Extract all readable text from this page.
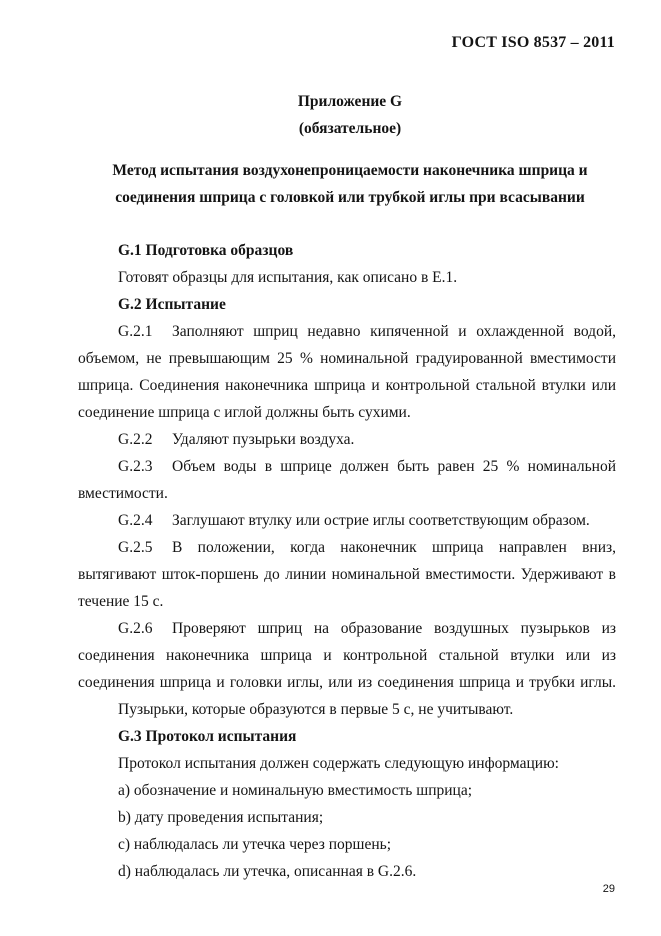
ГОСТ ISO 8537 – 2011
Приложение G
(обязательное)
Метод испытания воздухонепроницаемости наконечника шприца и
соединения шприца с головкой или трубкой иглы при всасывании
G.1 Подготовка образцов
Готовят образцы для испытания, как описано в Е.1.
G.2 Испытание
G.2.1 Заполняют шприц недавно кипяченной и охлажденной водой,
объемом, не превышающим 25 % номинальной градуированной вместимости
шприца. Соединения наконечника шприца и контрольной стальной втулки или
соединение шприца с иглой должны быть сухими.
G.2.2 Удаляют пузырьки воздуха.
G.2.3 Объем воды в шприце должен быть равен 25 % номинальной
вместимости.
G.2.4 Заглушают втулку или острие иглы соответствующим образом.
G.2.5 В положении, когда наконечник шприца направлен вниз,
вытягивают шток-поршень до линии номинальной вместимости. Удерживают в
течение 15 с.
G.2.6 Проверяют шприц на образование воздушных пузырьков из
соединения наконечника шприца и контрольной стальной втулки или из
соединения шприца и головки иглы, или из соединения шприца и трубки иглы.
Пузырьки, которые образуются в первые 5 с, не учитывают.
G.3 Протокол испытания
Протокол испытания должен содержать следующую информацию:
a) обозначение и номинальную вместимость шприца;
b) дату проведения испытания;
c) наблюдалась ли утечка через поршень;
d) наблюдалась ли утечка, описанная в G.2.6.
29
